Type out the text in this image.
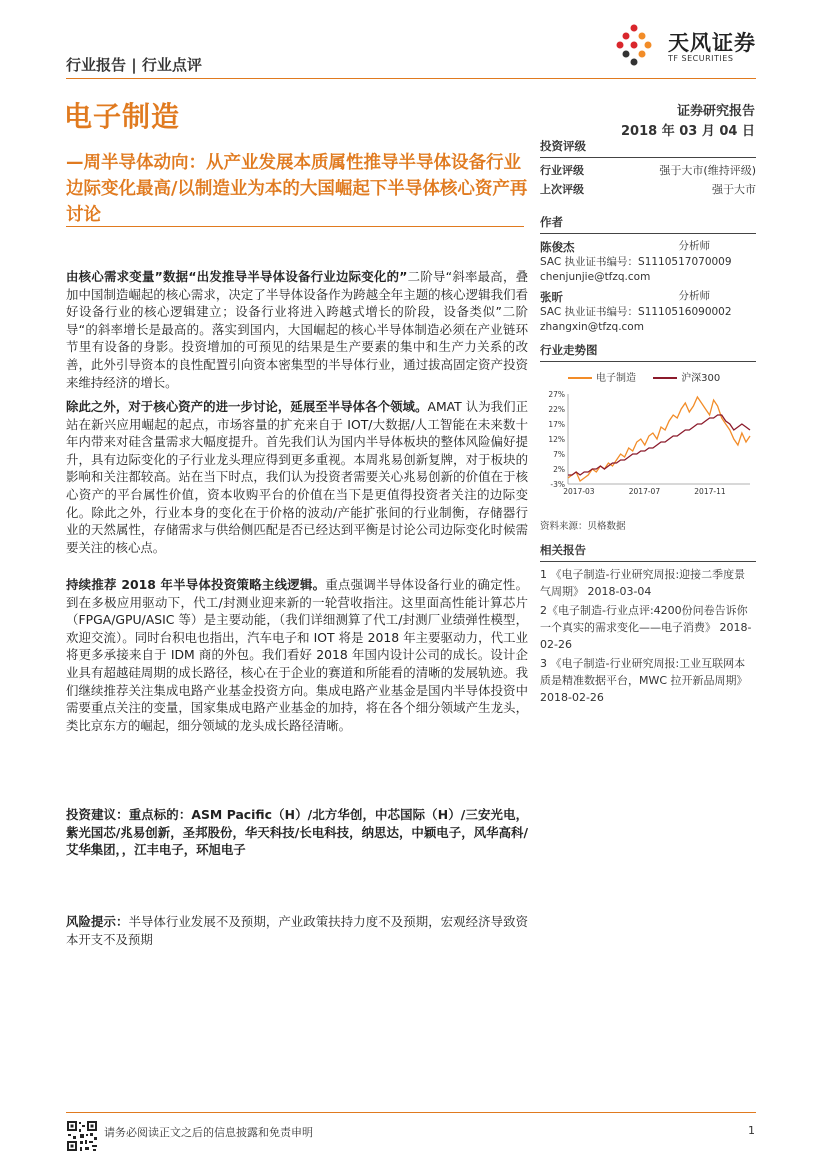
行业报告 | 行业点评
天风证券
TF SECURITIES
电子制造	证券研究报告
2018 年 03 月 04 日
—周半导体动向：从产业发展本质属性推导半导体设备行业边际变化最高/以制造业为本的大国崛起下半导体核心资产再讨论
由核心需求变量”数据“出发推导半导体设备行业边际变化的”二阶导“斜率最高，叠加中国制造崛起的核心需求，决定了半导体设备作为跨越全年主题的核心逻辑我们看好设备行业的核心逻辑建立；设备行业将进入跨越式增长的阶段，设备类似”二阶导“的斜率增长是最高的。落实到国内，大国崛起的核心半导体制造必须在产业链环节里有设备的身影。投资增加的可预见的结果是生产要素的集中和生产力关系的改善，此外引导资本的良性配置引向资本密集型的半导体行业，通过拔高固定资产投资来维持经济的增长。
除此之外，对于核心资产的进一步讨论，延展至半导体各个领域。AMAT 认为我们正站在新兴应用崛起的起点，市场容量的扩充来自于 IOT/大数据/人工智能在未来数十年内带来对硅含量需求大幅度提升。首先我们认为国内半导体板块的整体风险偏好提升，具有边际变化的子行业龙头理应得到更多重视。本周兆易创新复牌，对于板块的影响和关注都较高。站在当下时点，我们认为投资者需要关心兆易创新的价值在于核心资产的平台属性价值，资本收购平台的价值在当下是更值得投资者关注的边际变化。除此之外，行业本身的变化在于价格的波动/产能扩张间的行业制衡，存储器行业的天然属性，存储需求与供给侧匹配是否已经达到平衡是讨论公司边际变化时候需要关注的核心点。
持续推荐 2018 年半导体投资策略主线逻辑。重点强调半导体设备行业的确定性。到在多极应用驱动下，代工/封测业迎来新的一轮营收指注。这里面高性能计算芯片（FPGA/GPU/ASIC 等）是主要动能，（我们详细测算了代工/封测厂业绩弹性模型，欢迎交流）。同时台积电也指出，汽车电子和 IOT 将是 2018 年主要驱动力，代工业将更多承接来自于 IDM 商的外包。我们看好 2018 年国内设计公司的成长。设计企业具有超越硅周期的成长路径，核心在于企业的赛道和所能看的清晰的发展轨迹。我们继续推荐关注集成电路产业基金投资方向。集成电路产业基金是国内半导体投资中需要重点关注的变量，国家集成电路产业基金的加持，将在各个细分领域产生龙头，类比京东方的崛起，细分领域的龙头成长路径清晰。
投资建议：重点标的：ASM Pacific（H）/北方华创，中芯国际（H）/三安光电，紫光国芯/兆易创新，圣邦股份，华天科技/长电科技，纳思达，中颖电子，风华高科/艾华集团，，江丰电子，环旭电子
风险提示：半导体行业发展不及预期，产业政策扶持力度不及预期，宏观经济导致资本开支不及预期
投资评级
行业评级	强于大市(维持评级)
上次评级	强于大市
作者
陈俊杰	分析师
SAC 执业证书编号：S1110517070009
chenjunjie@tfzq.com
张昕	分析师
SAC 执业证书编号：S1110516090002
zhangxin@tfzq.com
行业走势图
电子制造	沪深300
27%
22%
17%
12%
7%
2%
-3%
2017-03	2017-07	2017-11
资料来源：贝格数据
相关报告
1 《电子制造-行业研究周报:迎接二季度景气周期》 2018-03-04
2《电子制造-行业点评:4200份问卷告诉你一个真实的需求变化——电子消费》 2018-02-26
3 《电子制造-行业研究周报:工业互联网本质是精准数据平台，MWC 拉开新品周期》 2018-02-26
请务必阅读正文之后的信息披露和免责申明	1
